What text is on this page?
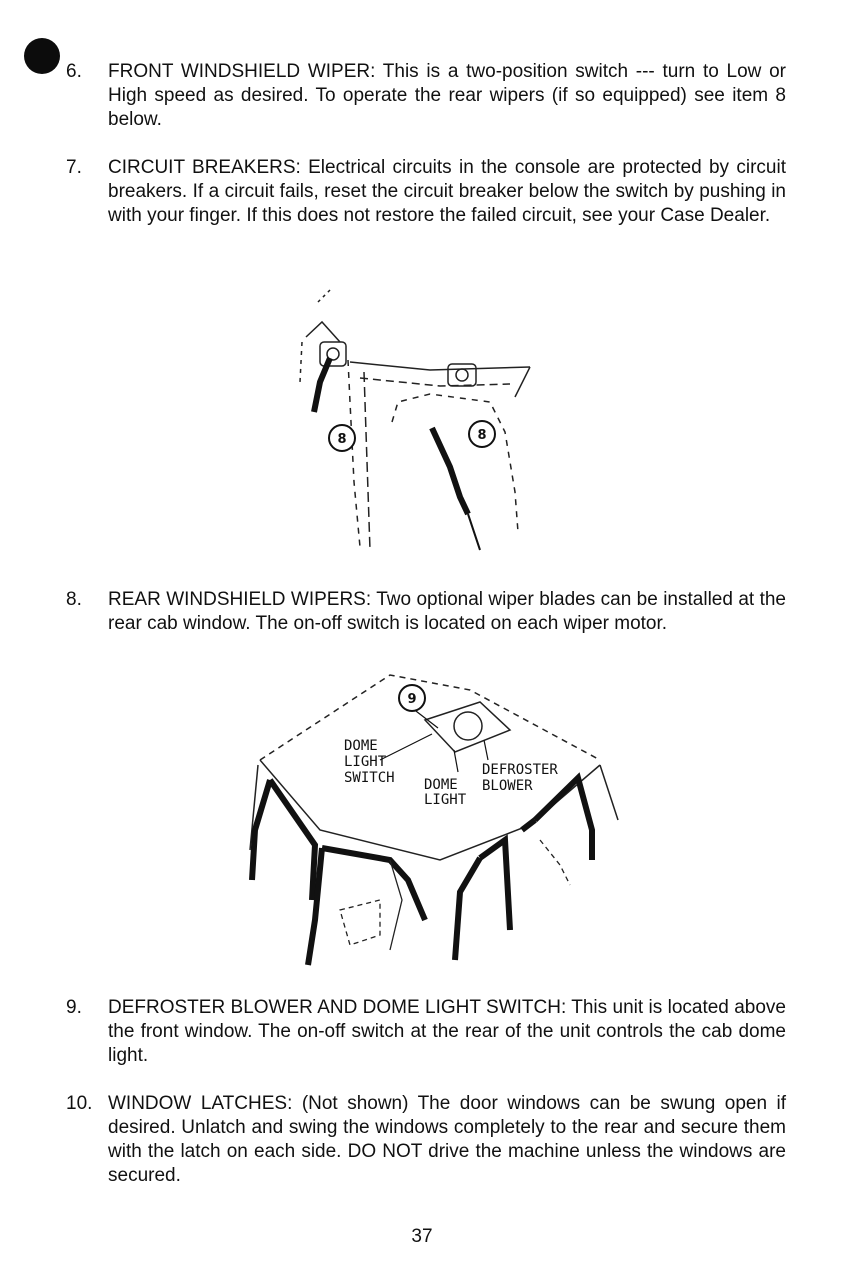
6.	FRONT WINDSHIELD WIPER: This is a two-position switch --- turn to Low or High speed as desired. To operate the rear wipers (if so equipped) see item 8 below.
7.	CIRCUIT BREAKERS: Electrical circuits in the console are protected by circuit breakers. If a circuit fails, reset the circuit breaker below the switch by pushing in with your finger. If this does not restore the failed circuit, see your Case Dealer.
8	8
8.	REAR WINDSHIELD WIPERS: Two optional wiper blades can be installed at the rear cab window. The on-off switch is located on each wiper motor.
9
DOME
LIGHT
SWITCH DOME
LIGHT
DEFROSTER
BLOWER
9.	DEFROSTER BLOWER AND DOME LIGHT SWITCH: This unit is located above the front window. The on-off switch at the rear of the unit controls the cab dome light.
10. WINDOW LATCHES: (Not shown) The door windows can be swung open if desired. Unlatch and swing the windows completely to the rear and secure them with the latch on each side. DO NOT drive the machine unless the windows are secured.
37
